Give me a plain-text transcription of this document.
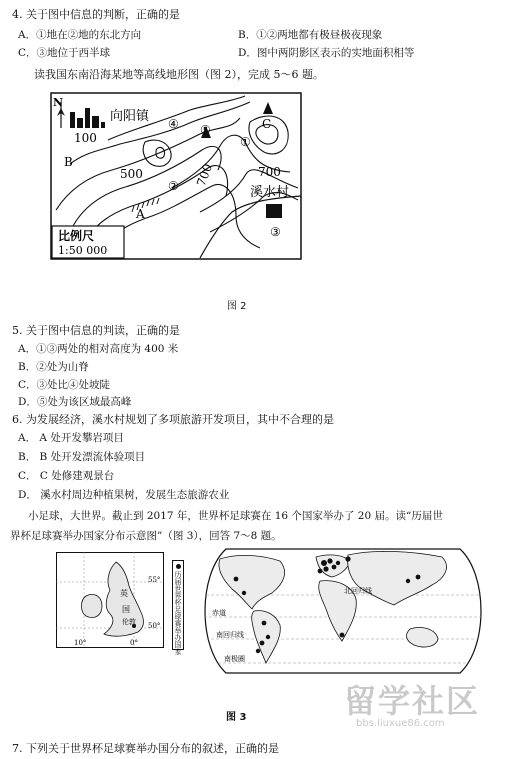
4. 关于图中信息的判断，正确的是
A．①地在②地的东北方向	B．①②两地都有极昼极夜现象
C．③地位于西半球	D．图中两阴影区表示的实地面积相等
读我国东南沿海某地等高线地形图（图 2），完成 5～6 题。
N
向阳镇
100
B
500
④ ⑤
①
C
② 700	700
A
溪水村
③
比例尺
1:50 000
图 2
5. 关于图中信息的判读，正确的是
A．①③两处的相对高度为 400 米
B．②处为山脊
C．③处比④处坡陡
D．⑤处为该区域最高峰
6. 为发展经济，溪水村规划了多项旅游开发项目，其中不合理的是
A． A 处开发攀岩项目
B． B 处开发漂流体验项目
C． C 处修建观景台
D． 溪水村周边种植果树，发展生态旅游农业
小足球，大世界。截止到 2017 年，世界杯足球赛在 16 个国家举办了 20 届。读“历届世
界杯足球赛举办国家分布示意图”（图 3），回答 7～8 题。
英
国
伦敦
55°
50°
10°	0°	历届世界杯足球赛举办国家	北回归线
赤道
南回归线
南极圈
图 3	留学社区
bbs.liuxue86.com
7. 下列关于世界杯足球赛举办国分布的叙述，正确的是
